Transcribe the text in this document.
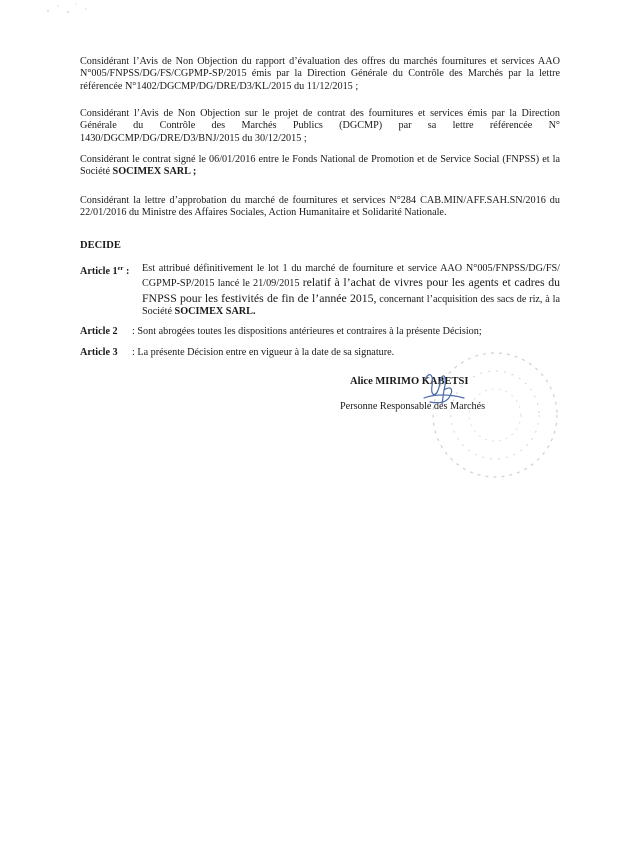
Considérant l’Avis de Non Objection du rapport d’évaluation des offres du marchés fournitures et services AAO N°005/FNPSS/DG/FS/CGPMP-SP/2015 émis par la Direction Générale du Contrôle des Marchés par la lettre référencée N°1402/DGCMP/DG/DRE/D3/KL/2015 du 11/12/2015 ;

Considérant l’Avis de Non Objection sur le projet de contrat des fournitures et services émis par la Direction Générale du Contrôle des Marchés Publics (DGCMP) par sa lettre référencée N° 1430/DGCMP/DG/DRE/D3/BNJ/2015 du 30/12/2015 ;

Considérant le contrat signé le 06/01/2016 entre le Fonds National de Promotion et de Service Social (FNPSS) et la Société SOCIMEX SARL ;

Considérant la lettre d’approbation du marché de fournitures et services N°284 CAB.MIN/AFF.SAH.SN/2016 du 22/01/2016 du Ministre des Affaires Sociales, Action Humanitaire et Solidarité Nationale.

DECIDE

Article 1er : Est attribué définitivement le lot 1 du marché de fourniture et service AAO N°005/FNPSS/DG/FS/ CGPMP-SP/2015 lancé le 21/09/2015 relatif à l’achat de vivres pour les agents et cadres du FNPSS pour les festivités de fin de l’année 2015, concernant l’acquisition des sacs de riz, à la Société SOCIMEX SARL.
Article 2 : Sont abrogées toutes les dispositions antérieures et contraires à la présente Décision;
Article 3 : La présente Décision entre en vigueur à la date de sa signature.

Alice MIRIMO KABETSI

Personne Responsable des Marchés
